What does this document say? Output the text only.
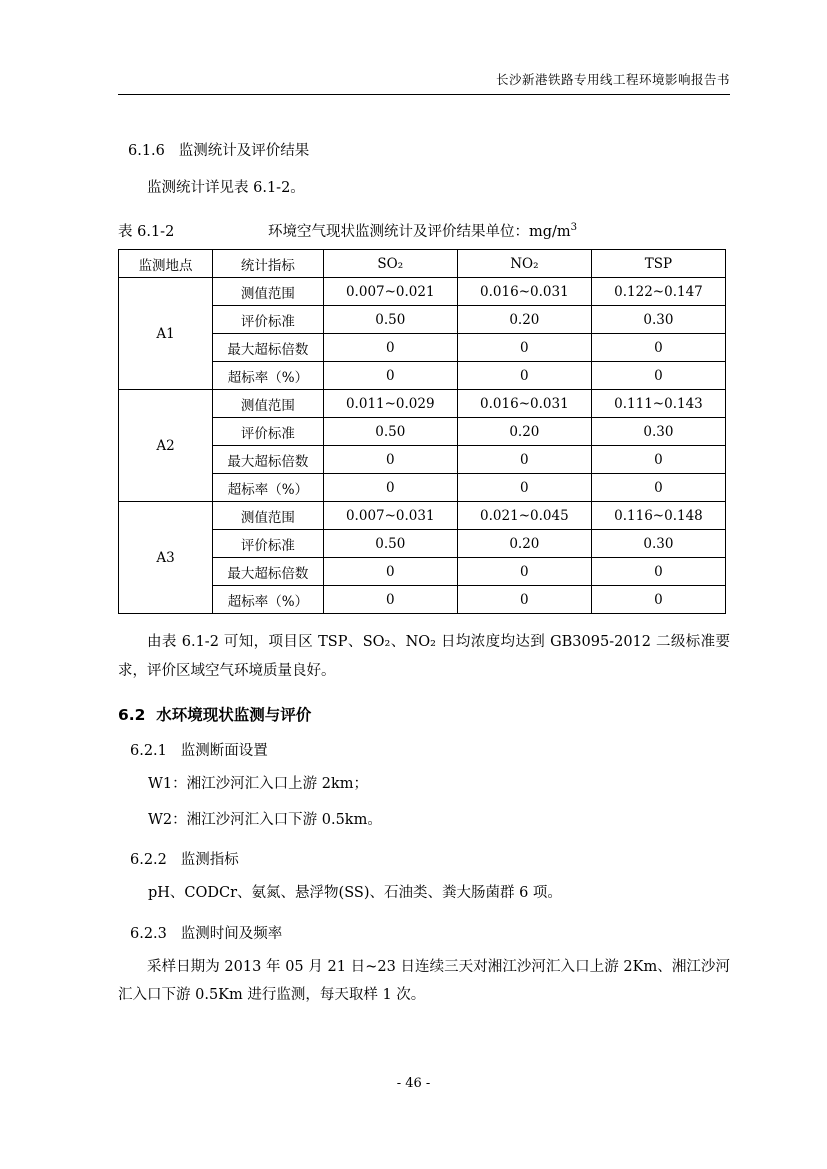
长沙新港铁路专用线工程环境影响报告书
6.1.6 监测统计及评价结果

监测统计详见表 6.1-2。

表 6.1-2	环境空气现状监测统计及评价结果单位：$mg/m^3$
监测地点	统计指标	SO₂	NO₂	TSP
A1	测值范围	0.007~0.021	0.016~0.031	0.122~0.147
	评价标准	0.50	0.20	0.30
	最大超标倍数	0	0	0
	超标率（%）	0	0	0
A2	测值范围	0.011~0.029	0.016~0.031	0.111~0.143
	评价标准	0.50	0.20	0.30
	最大超标倍数	0	0	0
	超标率（%）	0	0	0
A3	测值范围	0.007~0.031	0.021~0.045	0.116~0.148
	评价标准	0.50	0.20	0.30
	最大超标倍数	0	0	0
	超标率（%）	0	0	0

由表 6.1-2 可知，项目区 TSP、SO₂、NO₂ 日均浓度均达到 GB3095-2012 二级标准要求，评价区域空气环境质量良好。

6.2 水环境现状监测与评价
6.2.1 监测断面设置

W1：湘江沙河汇入口上游 2km；

W2：湘江沙河汇入口下游 0.5km。

6.2.2 监测指标

pH、CODCr、氨氮、悬浮物(SS)、石油类、粪大肠菌群 6 项。

6.2.3 监测时间及频率

采样日期为 2013 年 05 月 21 日~23 日连续三天对湘江沙河汇入口上游 2Km、湘江沙河汇入口下游 0.5Km 进行监测，每天取样 1 次。

- 46 -
